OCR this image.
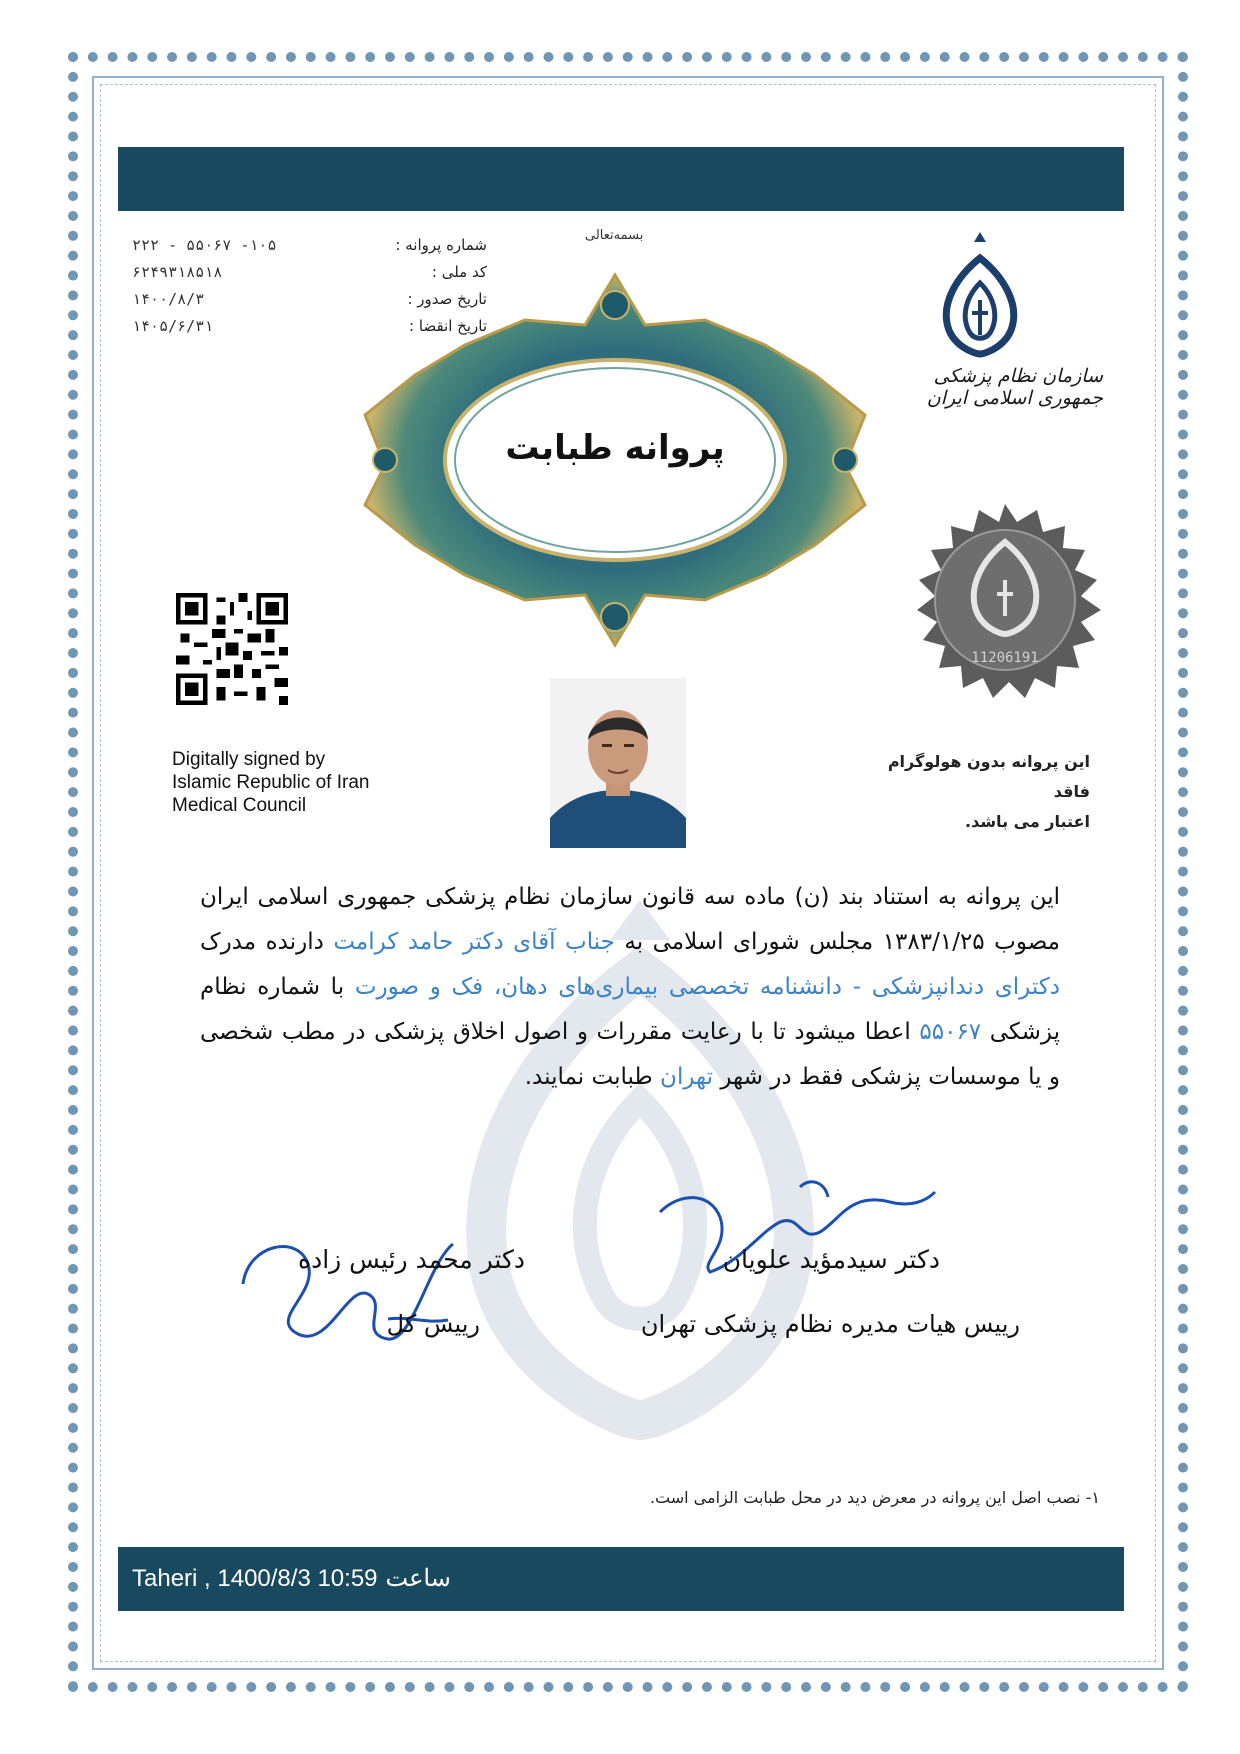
۲۲۲ - ۵۵۰۶۷ -۱۰۵	شماره پروانه :
۶۲۴۹۳۱۸۵۱۸	کد ملی :
۱۴۰۰/۸/۳	تاریخ صدور :
۱۴۰۵/۶/۳۱	تاریخ انقضا :
بسمه‌تعالی
پروانه طبابت
سازمان نظام پزشکی جمهوری اسلامی ایران
11206191
این پروانه بدون هولوگرام فاقد
اعتبار می باشد.
Digitally signed by
Islamic Republic of Iran
Medical Council
این پروانه به استناد بند (ن) ماده سه قانون سازمان نظام پزشکی جمهوری اسلامی ایران مصوب ۱۳۸۳/۱/۲۵ مجلس شورای اسلامی به جناب آقای دکتر حامد کرامت دارنده مدرک دکترای دندانپزشکی - دانشنامه تخصصی بیماری‌های دهان، فک و صورت با شماره نظام پزشکی ۵۵۰۶۷ اعطا میشود تا با رعایت مقررات و اصول اخلاق پزشکی در مطب شخصی و یا موسسات پزشکی فقط در شهر تهران طبابت نمایند.
دکتر سیدمؤید علویان
رییس هیات مدیره نظام پزشکی تهران
دکتر محمد رئیس زاده
رییس کل
۱- نصب اصل این پروانه در معرض دید در محل طبابت الزامی است.
Taheri , 1400/8/3 10:59 ساعت
